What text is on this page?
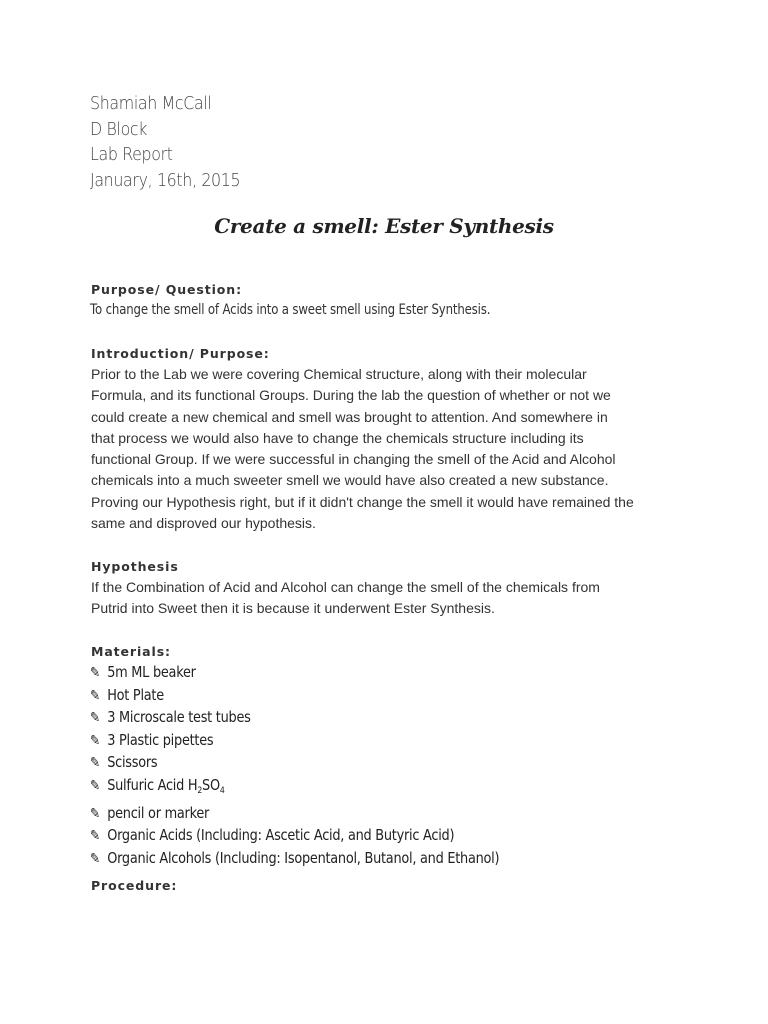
Shamiah McCall
D Block
Lab Report
January, 16th, 2015
Create a smell: Ester Synthesis
Purpose/ Question:
To change the smell of Acids into a sweet smell using Ester Synthesis.
Introduction/ Purpose:
Prior to the Lab we were covering Chemical structure, along with their molecular
Formula, and its functional Groups. During the lab the question of whether or not we
could create a new chemical and smell was brought to attention. And somewhere in
that process we would also have to change the chemicals structure including its
functional Group. If we were successful in changing the smell of the Acid and Alcohol
chemicals into a much sweeter smell we would have also created a new substance.
Proving our Hypothesis right, but if it didn't change the smell it would have remained the
same and disproved our hypothesis.
Hypothesis
If the Combination of Acid and Alcohol can change the smell of the chemicals from
Putrid into Sweet then it is because it underwent Ester Synthesis.
Materials:
✎ 5m ML beaker
✎ Hot Plate
✎ 3 Microscale test tubes
✎ 3 Plastic pipettes
✎ Scissors
✎ Sulfuric Acid $H_2SO_4$
✎ pencil or marker
✎ Organic Acids (Including: Ascetic Acid, and Butyric Acid)
✎ Organic Alcohols (Including: Isopentanol, Butanol, and Ethanol)
Procedure:
